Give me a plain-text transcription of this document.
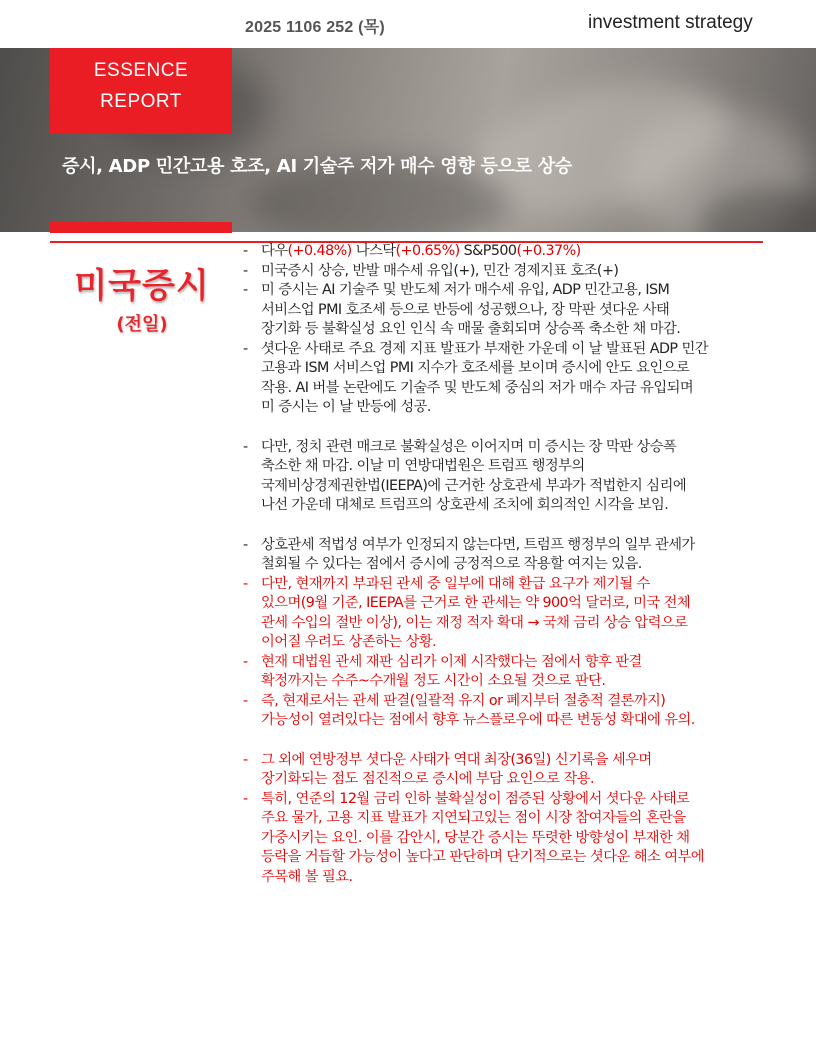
2025 1106 252 (목)	investment strategy
ESSENCE
REPORT
증시, ADP 민간고용 호조, AI 기술주 저가 매수 영향 등으로 상승
미국증시
(전일)
- 다우(+0.48%) 나스닥(+0.65%) S&P500(+0.37%)
- 미국증시 상승, 반발 매수세 유입(+), 민간 경제지표 호조(+)
- 미 증시는 AI 기술주 및 반도체 저가 매수세 유입, ADP 민간고용, ISM
서비스업 PMI 호조세 등으로 반등에 성공했으나, 장 막판 셧다운 사태
장기화 등 불확실성 요인 인식 속 매물 출회되며 상승폭 축소한 채 마감.
- 셧다운 사태로 주요 경제 지표 발표가 부재한 가운데 이 날 발표된 ADP 민간
고용과 ISM 서비스업 PMI 지수가 호조세를 보이며 증시에 안도 요인으로
작용. AI 버블 논란에도 기술주 및 반도체 중심의 저가 매수 자금 유입되며
미 증시는 이 날 반등에 성공.
- 다만, 정치 관련 매크로 불확실성은 이어지며 미 증시는 장 막판 상승폭
축소한 채 마감. 이날 미 연방대법원은 트럼프 행정부의
국제비상경제권한법(IEEPA)에 근거한 상호관세 부과가 적법한지 심리에
나선 가운데 대체로 트럼프의 상호관세 조치에 회의적인 시각을 보임.
- 상호관세 적법성 여부가 인정되지 않는다면, 트럼프 행정부의 일부 관세가
철회될 수 있다는 점에서 증시에 긍정적으로 작용할 여지는 있음.
- 다만, 현재까지 부과된 관세 중 일부에 대해 환급 요구가 제기될 수
있으며(9월 기준, IEEPA를 근거로 한 관세는 약 900억 달러로, 미국 전체
관세 수입의 절반 이상), 이는 재정 적자 확대 → 국채 금리 상승 압력으로
이어질 우려도 상존하는 상황.
- 현재 대법원 관세 재판 심리가 이제 시작했다는 점에서 향후 판결
확정까지는 수주~수개월 정도 시간이 소요될 것으로 판단.
- 즉, 현재로서는 관세 판결(일괄적 유지 or 폐지부터 절충적 결론까지)
가능성이 열려있다는 점에서 향후 뉴스플로우에 따른 변동성 확대에 유의.
- 그 외에 연방정부 셧다운 사태가 역대 최장(36일) 신기록을 세우며
장기화되는 점도 점진적으로 증시에 부담 요인으로 작용.
- 특히, 연준의 12월 금리 인하 불확실성이 점증된 상황에서 셧다운 사태로
주요 물가, 고용 지표 발표가 지연되고있는 점이 시장 참여자들의 혼란을
가중시키는 요인. 이를 감안시, 당분간 증시는 뚜렷한 방향성이 부재한 채
등락을 거듭할 가능성이 높다고 판단하며 단기적으로는 셧다운 해소 여부에
주목해 볼 필요.
